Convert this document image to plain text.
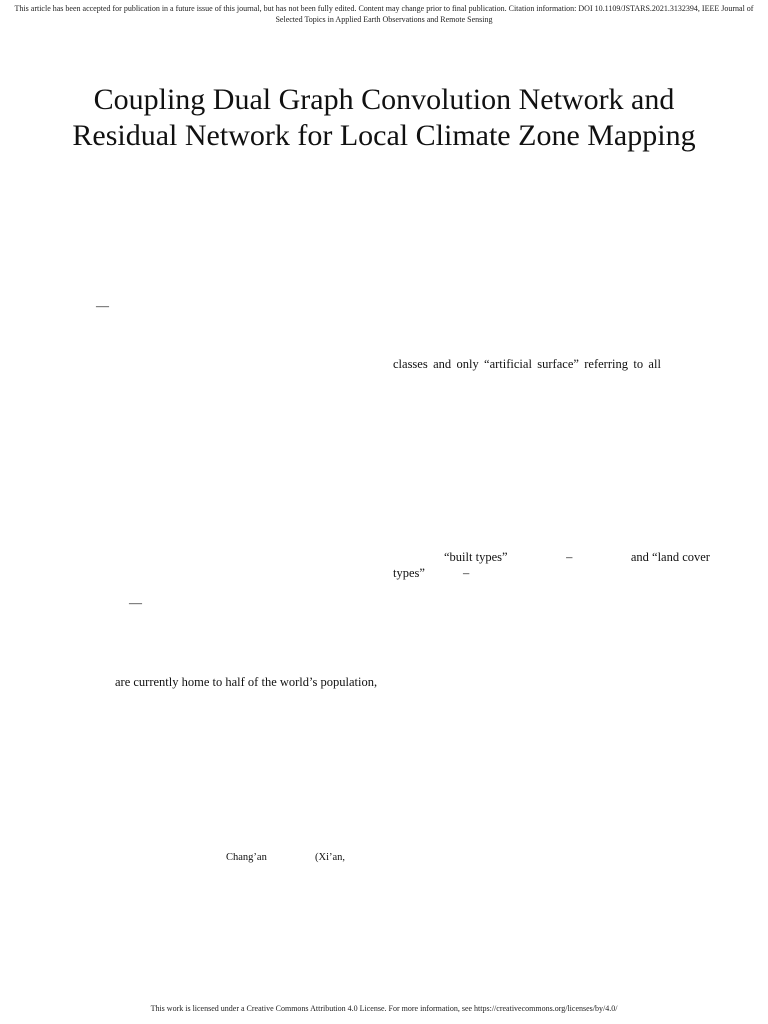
This article has been accepted for publication in a future issue of this journal, but has not been fully edited. Content may change prior to final publication. Citation information: DOI 10.1109/JSTARS.2021.3132394, IEEE Journal of Selected Topics in Applied Earth Observations and Remote Sensing
Coupling Dual Graph Convolution Network and Residual Network for Local Climate Zone Mapping
—
classes and only “artificial surface” referring to all
“built types”	–	and “land cover
types”	–
—
are currently home to half of the world’s population,
Chang’an	(Xi’an,
This work is licensed under a Creative Commons Attribution 4.0 License. For more information, see https://creativecommons.org/licenses/by/4.0/
